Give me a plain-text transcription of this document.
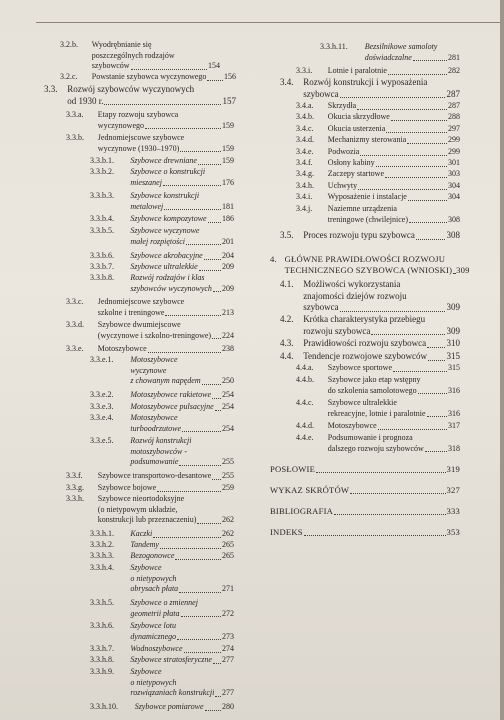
3.2.b. Wyodrębnianie się
poszczególnych rodzajów
szybowców	154
3.2.c. Powstanie szybowca wyczynowego 156
3.3. Rozwój szybowców wyczynowych
od 1930 r.	157
3.3.a. Etapy rozwoju szybowca
wyczynowego	159
3.3.b. Jednomiejscowe szybowce
wyczynowe (1930–1970)	159
3.3.b.1. Szybowce drewniane	159
3.3.b.2. Szybowce o konstrukcji
mieszanej	176
3.3.b.3. Szybowce konstrukcji
metalowej	181
3.3.b.4. Szybowce kompozytowe 186
3.3.b.5. Szybowce wyczynowe
małej rozpiętości	201
3.3.b.6. Szybowce akrobacyjne 204
3.3.b.7. Szybowce ultralekkie	209
3.3.b.8. Rozwój rodzajów i klas
szybowców wyczynowych 209
3.3.c. Jednomiejscowe szybowce
szkolne i treningowe	213
3.3.d. Szybowce dwumiejscowe
(wyczynowe i szkolno-treningowe) 224
3.3.e. Motoszybowce	238
3.3.e.1. Motoszybowce
wyczynowe
z chowanym napędem	250
3.3.e.2. Motoszybowce rakietowe 254
3.3.e.3. Motoszybowce pulsacyjne 254
3.3.e.4. Motoszybowce
turboodrzutowe	254
3.3.e.5. Rozwój konstrukcji
motoszybowców -
podsumowanie	255
3.3.f. Szybowce transportowo-desantowe 255
3.3.g. Szybowce bojowe	259
3.3.h. Szybowce nieortodoksyjne
(o nietypowym układzie,
konstrukcji lub przeznaczeniu)	262
3.3.h.1. Kaczki	262
3.3.h.2. Tandemy	265
3.3.h.3. Bezogonowce	265
3.3.h.4. Szybowce
o nietypowych
obrysach płata	271
3.3.h.5. Szybowce o zmiennej
geometrii płata	272
3.3.h.6. Szybowce lotu
dynamicznego	273
3.3.h.7. Wodnoszybowce	274
3.3.h.8. Szybowce stratosferyczne 277
3.3.h.9. Szybowce
o nietypowych
rozwiązaniach konstrukcji 277
3.3.h.10. Szybowce pomiarowe 280
3.3.h.11. Bezsilnikowe samoloty
doświadczalne	281
3.3.i. Lotnie i paralotnie	282
3.4. Rozwój konstrukcji i wyposażenia
szybowca	287
3.4.a. Skrzydła	287
3.4.b. Okucia skrzydłowe	288
3.4.c. Okucia usterzenia	297
3.4.d. Mechanizmy sterowania	299
3.4.e. Podwozia	299
3.4.f. Osłony kabiny	301
3.4.g. Zaczepy startowe	303
3.4.h. Uchwyty	304
3.4.i. Wyposażenie i instalacje	304
3.4.j. Naziemne urządzenia
treningowe (chwilejnice)	308
3.5. Proces rozwoju typu szybowca	308
4. GŁÓWNE PRAWIDŁOWOŚCI ROZWOJU
TECHNICZNEGO SZYBOWCA (WNIOSKI) 309
4.1. Możliwości wykorzystania
znajomości dziejów rozwoju
szybowca	309
4.2. Krótka charakterystyka przebiegu
rozwoju szybowca	309
4.3. Prawidłowości rozwoju szybowca 310
4.4. Tendencje rozwojowe szybowców 315
4.4.a. Szybowce sportowe	315
4.4.b. Szybowce jako etap wstępny
do szkolenia samolotowego	316
4.4.c. Szybowce ultralekkie
rekreacyjne, lotnie i paralotnie	316
4.4.d. Motoszybowce	317
4.4.e. Podsumowanie i prognoza
dalszego rozwoju szybowców	318
POSŁOWIE	319
WYKAZ SKRÓTÓW	327
BIBLIOGRAFIA	333
INDEKS	353
